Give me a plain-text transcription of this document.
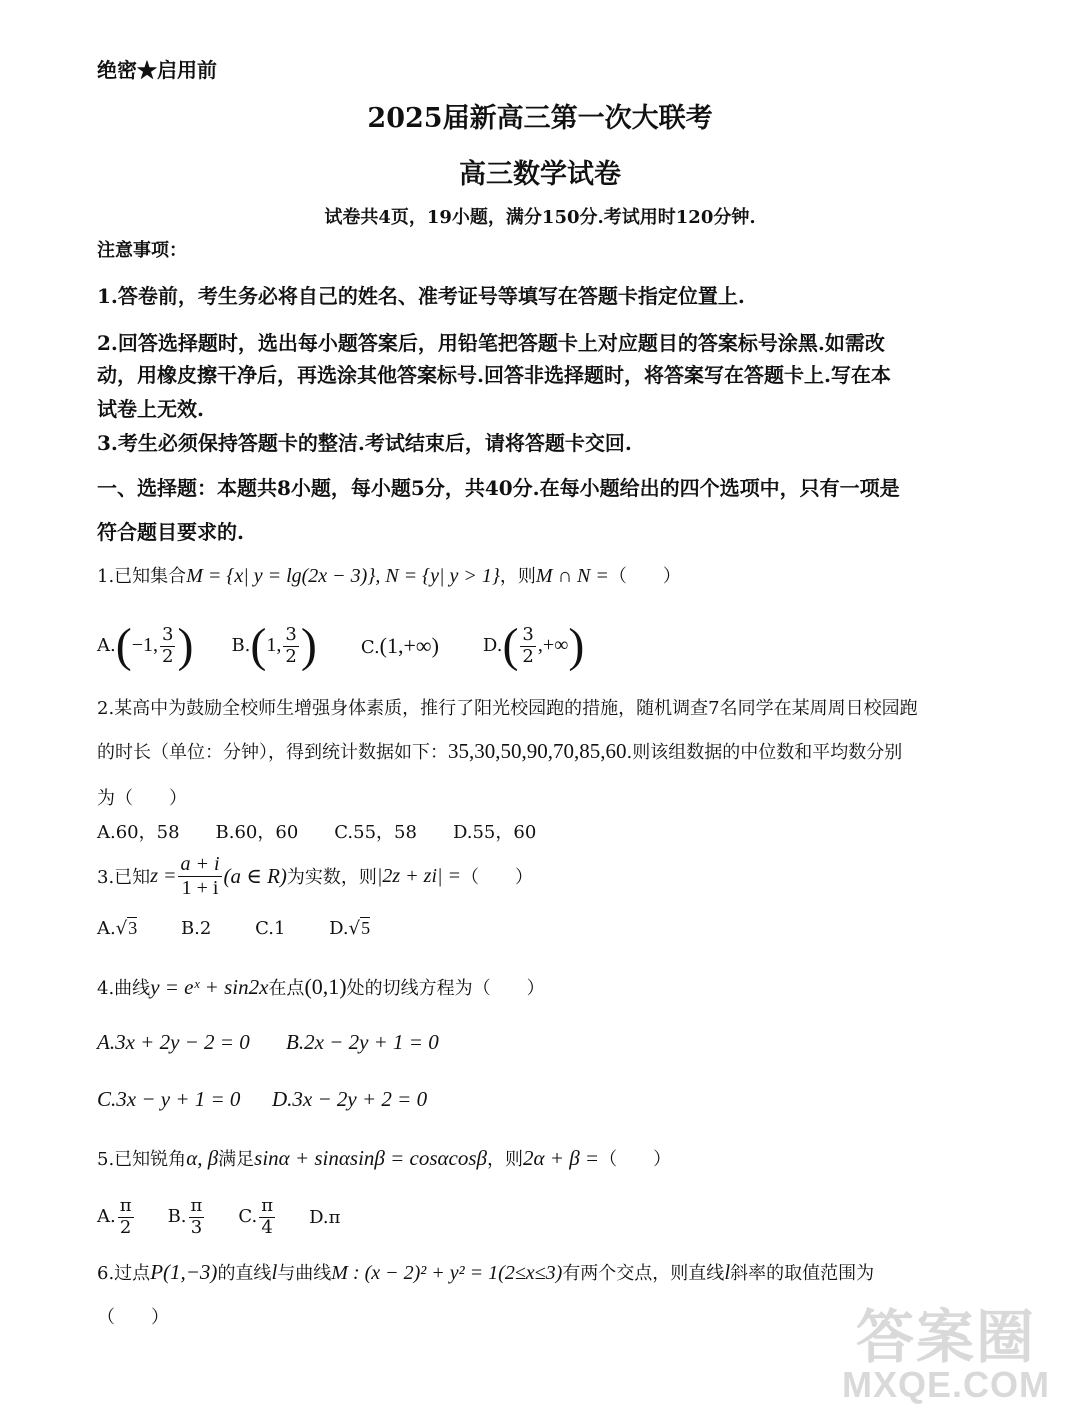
绝密★启用前
2025届新高三第一次大联考
高三数学试卷
试卷共4页，19小题，满分150分.考试用时120分钟.
注意事项：
1.答卷前，考生务必将自己的姓名、准考证号等填写在答题卡指定位置上.
2.回答选择题时，选出每小题答案后，用铅笔把答题卡上对应题目的答案标号涂黑.如需改
动，用橡皮擦干净后，再选涂其他答案标号.回答非选择题时，将答案写在答题卡上.写在本
试卷上无效.
3.考生必须保持答题卡的整洁.考试结束后，请将答题卡交回.
一、选择题：本题共8小题，每小题5分，共40分.在每小题给出的四个选项中，只有一项是
符合题目要求的.
1.已知集合M = {x| y = lg(2x − 3)}, N = {y| y > 1}，则M ∩ N =（　　）
A.(−1, $\frac{3}{2}$ ) B.(1, $\frac{3}{2}$ ) C.(1,+∞) $D.( \frac{3}{2}$ ,+∞)
2.某高中为鼓励全校师生增强身体素质，推行了阳光校园跑的措施，随机调查7名同学在某周周日校园跑
的时长（单位：分钟），得到统计数据如下：35,30,50,90,70,85,60.则该组数据的中位数和平均数分别
为（　　）
A.60，58　　B.60，60　　C.55，58　　D.55，60
3.已知 $z = \frac{a + i}{1 + i} (a$ ∈ R) 为实数，则 |2z + zi| = （　　）
A.√3 B.2 C.1 D.√5
4.曲线y = eˣ + sin2x在点(0,1)处的切线方程为（　　）
A.3x + 2y − 2 = 0 B.2x − 2y + 1 = 0
C.3x − y + 1 = 0 D.3x − 2y + 2 = 0
5.已知锐角α, β满足sinα + sinαsinβ = cosαcosβ，则2α + β =（　　）
A. $\frac{\pi}{2} B$. $\frac{\pi}{3} C$. $\frac{\pi}{4} D.\pi$
6.过点P(1,−3)的直线l与曲线M : (x − 2)² + y² = 1(2≤x≤3)有两个交点，则直线l斜率的取值范围为
（　　）	答案圈
MXQE.COM
